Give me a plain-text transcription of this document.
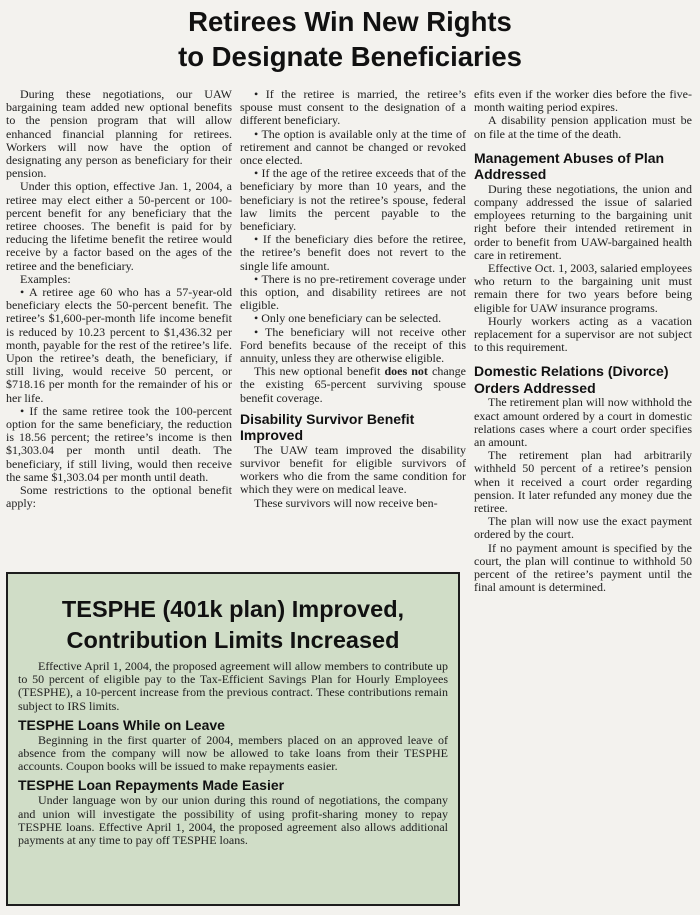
Retirees Win New Rights
to Designate Beneficiaries

During these negotiations, our UAW bargaining team added new optional benefits to the pension program that will allow enhanced financial planning for retirees. Workers will now have the option of designating any person as beneficiary for their pension.

Under this option, effective Jan. 1, 2004, a retiree may elect either a 50-percent or 100-percent benefit for any beneficiary that the retiree chooses. The benefit is paid for by reducing the lifetime benefit the retiree would receive by a factor based on the ages of the retiree and the beneficiary.

Examples:

• A retiree age 60 who has a 57-year-old beneficiary elects the 50-percent benefit. The retiree’s $1,600-per-month life income benefit is reduced by 10.23 percent to $1,436.32 per month, payable for the rest of the retiree’s life. Upon the retiree’s death, the beneficiary, if still living, would receive 50 percent, or $718.16 per month for the remainder of his or her life.

• If the same retiree took the 100-percent option for the same beneficiary, the reduction is 18.56 percent; the retiree’s income is then $1,303.04 per month until death. The beneficiary, if still living, would then receive the same $1,303.04 per month until death.

Some restrictions to the optional benefit apply:

• If the retiree is married, the retiree’s spouse must consent to the designation of a different beneficiary.

• The option is available only at the time of retirement and cannot be changed or revoked once elected.

• If the age of the retiree exceeds that of the beneficiary by more than 10 years, and the beneficiary is not the retiree’s spouse, federal law limits the percent payable to the beneficiary.

• If the beneficiary dies before the retiree, the retiree’s benefit does not revert to the single life amount.

• There is no pre-retirement coverage under this option, and disability retirees are not eligible.

• Only one beneficiary can be selected.

• The beneficiary will not receive other Ford benefits because of the receipt of this annuity, unless they are otherwise eligible.

This new optional benefit does not change the existing 65-percent surviving spouse benefit coverage.

Disability Survivor Benefit Improved

The UAW team improved the disability survivor benefit for eligible survivors of workers who die from the same condition for which they were on medical leave.

These survivors will now receive ben-

efits even if the worker dies before the five-month waiting period expires.

A disability pension application must be on file at the time of the death.

Management Abuses of Plan Addressed

During these negotiations, the union and company addressed the issue of salaried employees returning to the bargaining unit right before their intended retirement in order to benefit from UAW-bargained health care in retirement.

Effective Oct. 1, 2003, salaried employees who return to the bargaining unit must remain there for two years before being eligible for UAW insurance programs.

Hourly workers acting as a vacation replacement for a supervisor are not subject to this requirement.

Domestic Relations (Divorce) Orders Addressed

The retirement plan will now withhold the exact amount ordered by a court in domestic relations cases where a court order specifies an amount.

The retirement plan had arbitrarily withheld 50 percent of a retiree’s pension when it received a court order regarding pension. It later refunded any money due the retiree.

The plan will now use the exact payment ordered by the court.

If no payment amount is specified by the court, the plan will continue to withhold 50 percent of the retiree’s payment until the final amount is determined.

TESPHE (401k plan) Improved,
Contribution Limits Increased

Effective April 1, 2004, the proposed agreement will allow members to contribute up to 50 percent of eligible pay to the Tax-Efficient Savings Plan for Hourly Employees (TESPHE), a 10-percent increase from the previous contract. These contributions remain subject to IRS limits.

TESPHE Loans While on Leave

Beginning in the first quarter of 2004, members placed on an approved leave of absence from the company will now be allowed to take loans from their TESPHE accounts. Coupon books will be issued to make repayments easier.

TESPHE Loan Repayments Made Easier

Under language won by our union during this round of negotiations, the company and union will investigate the possibility of using profit-sharing money to repay TESPHE loans. Effective April 1, 2004, the proposed agreement also allows additional payments at any time to pay off TESPHE loans.
